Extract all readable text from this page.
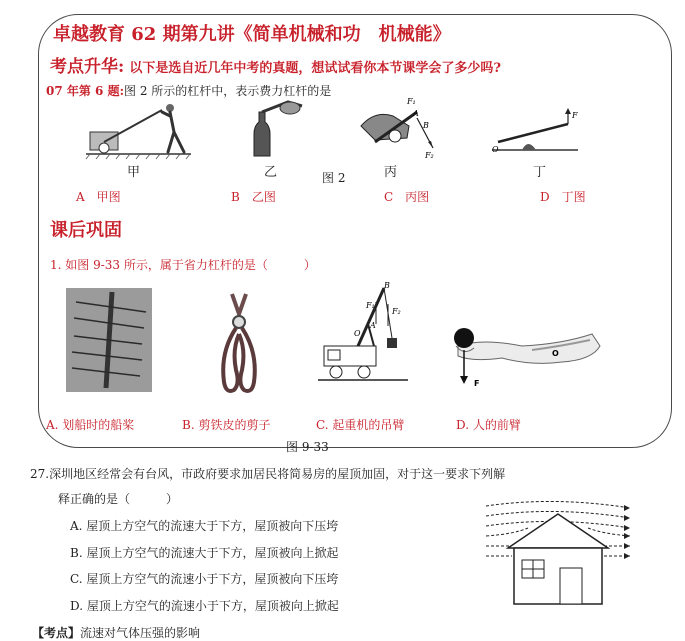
卓越教育 62 期第九讲《简单机械和功　机械能》
考点升华: 以下是选自近几年中考的真题，想试试看你本节课学会了多少吗?
07 年第 6 题:图 2 所示的杠杆中，表示费力杠杆的是
F₁
A
B
F₂
F
O
甲	乙	丙	丁
图 2
A　甲图	B　乙图	C　丙图	D　丁图
课后巩固
1. 如图 9-33 所示，属于省力杠杆的是（　　　）
B
F₁
F₂
A
O
F
O
A. 划船时的船桨	B. 剪铁皮的剪子	C. 起重机的吊臂	D. 人的前臂
图 9-33
27.深圳地区经常会有台风，市政府要求加居民将简易房的屋顶加固，对于这一要求下列解
释正确的是（　　　）
A. 屋顶上方空气的流速大于下方，屋顶被向下压垮
B. 屋顶上方空气的流速大于下方，屋顶被向上掀起
C. 屋顶上方空气的流速小于下方，屋顶被向下压垮
D. 屋顶上方空气的流速小于下方，屋顶被向上掀起
【考点】流速对气体压强的影响
